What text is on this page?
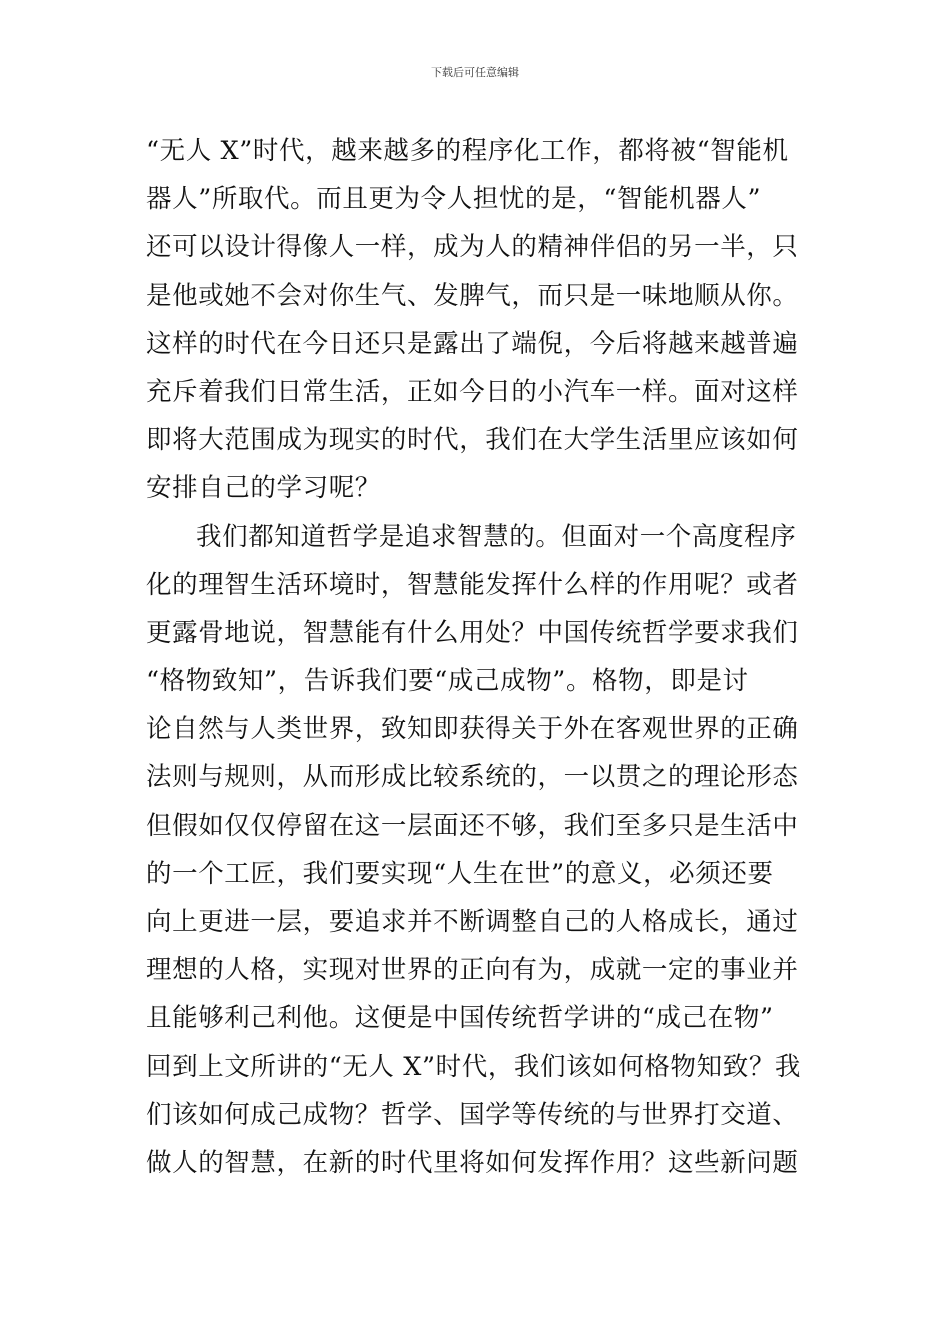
下载后可任意编辑
“无人 X”时代，越来越多的程序化工作，都将被“智能机
器人”所取代。而且更为令人担忧的是，“智能机器人”
还可以设计得像人一样，成为人的精神伴侣的另一半，只
是他或她不会对你生气、发脾气，而只是一味地顺从你。
这样的时代在今日还只是露出了端倪，今后将越来越普遍
充斥着我们日常生活，正如今日的小汽车一样。面对这样
即将大范围成为现实的时代，我们在大学生活里应该如何
安排自己的学习呢？
我们都知道哲学是追求智慧的。但面对一个高度程序
化的理智生活环境时，智慧能发挥什么样的作用呢？或者
更露骨地说，智慧能有什么用处？中国传统哲学要求我们
“格物致知”，告诉我们要“成己成物”。格物，即是讨
论自然与人类世界，致知即获得关于外在客观世界的正确
法则与规则，从而形成比较系统的，一以贯之的理论形态
但假如仅仅停留在这一层面还不够，我们至多只是生活中
的一个工匠，我们要实现“人生在世”的意义，必须还要
向上更进一层，要追求并不断调整自己的人格成长，通过
理想的人格，实现对世界的正向有为，成就一定的事业并
且能够利己利他。这便是中国传统哲学讲的“成己在物”
回到上文所讲的“无人 X”时代，我们该如何格物知致？我
们该如何成己成物？哲学、国学等传统的与世界打交道、
做人的智慧，在新的时代里将如何发挥作用？这些新问题
